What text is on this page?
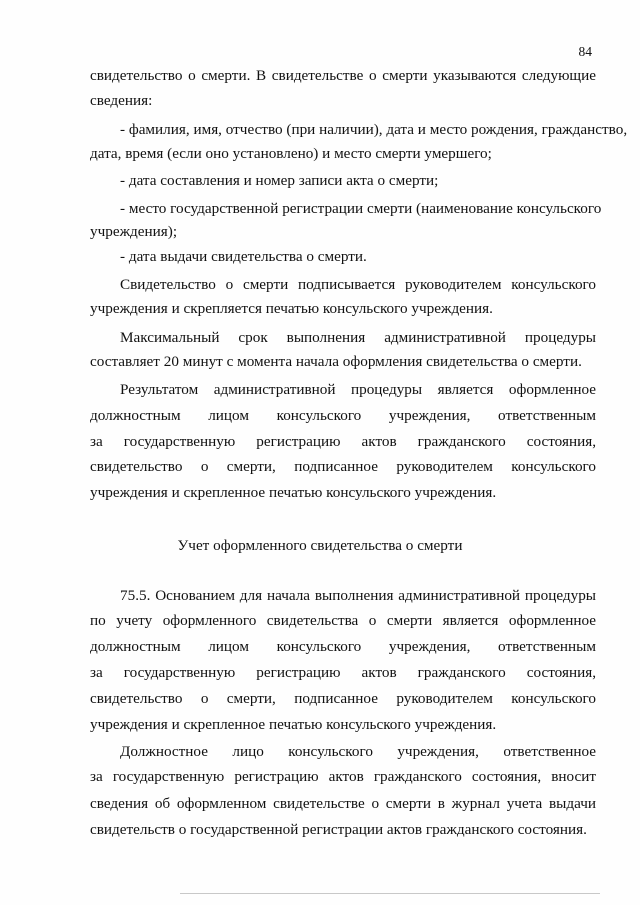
84
свидетельство о смерти. В свидетельстве о смерти указываются следующие
сведения:
- фамилия, имя, отчество (при наличии), дата и место рождения, гражданство,
дата, время (если оно установлено) и место смерти умершего;
- дата составления и номер записи акта о смерти;
- место государственной регистрации смерти (наименование консульского
учреждения);
- дата выдачи свидетельства о смерти.
Свидетельство о смерти подписывается руководителем консульского
учреждения и скрепляется печатью консульского учреждения.
Максимальный срок выполнения административной процедуры
составляет 20 минут с момента начала оформления свидетельства о смерти.
Результатом административной процедуры является оформленное
должностным лицом консульского учреждения, ответственным
за государственную регистрацию актов гражданского состояния,
свидетельство о смерти, подписанное руководителем консульского
учреждения и скрепленное печатью консульского учреждения.
Учет оформленного свидетельства о смерти
75.5. Основанием для начала выполнения административной процедуры
по учету оформленного свидетельства о смерти является оформленное
должностным лицом консульского учреждения, ответственным
за государственную регистрацию актов гражданского состояния,
свидетельство о смерти, подписанное руководителем консульского
учреждения и скрепленное печатью консульского учреждения.
Должностное лицо консульского учреждения, ответственное
за государственную регистрацию актов гражданского состояния, вносит
сведения об оформленном свидетельстве о смерти в журнал учета выдачи
свидетельств о государственной регистрации актов гражданского состояния.
